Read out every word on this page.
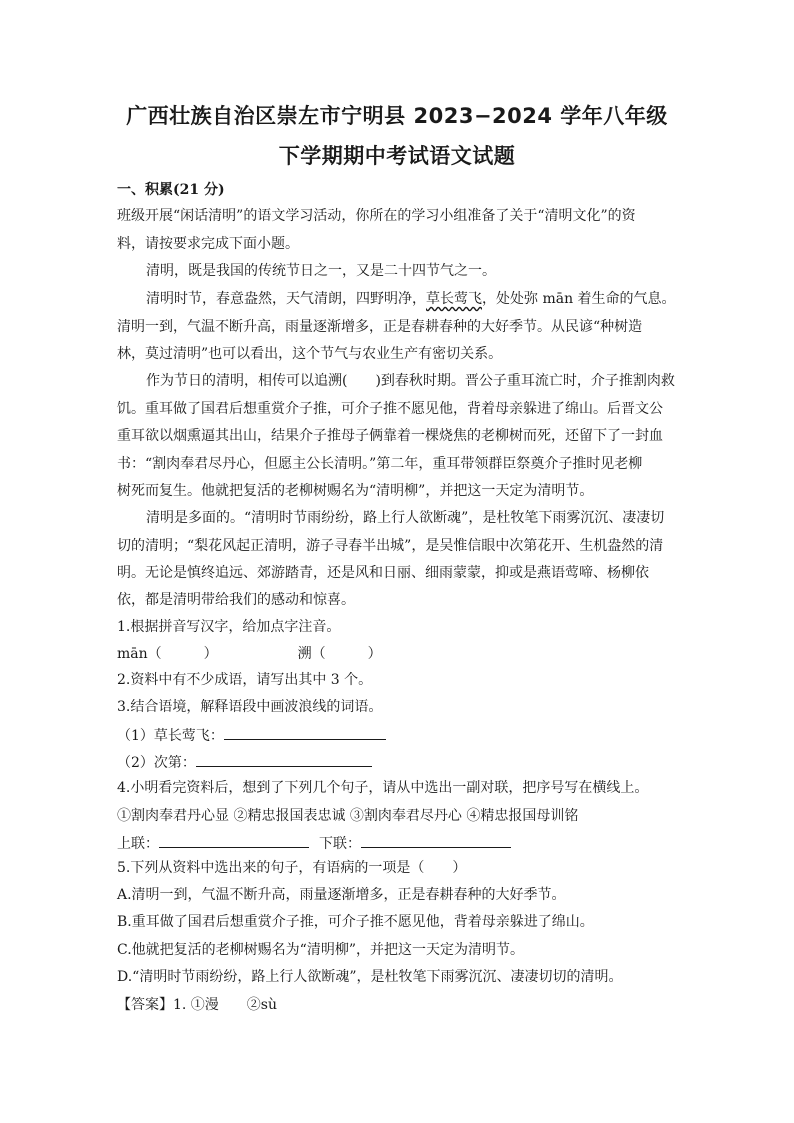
广西壮族自治区崇左市宁明县 2023−2024 学年八年级
下学期期中考试语文试题
一、积累(21 分)
班级开展“闲话清明”的语文学习活动，你所在的学习小组准备了关于“清明文化”的资
料，请按要求完成下面小题。
清明，既是我国的传统节日之一，又是二十四节气之一。
清明时节，春意盎然，天气清朗，四野明净，草长莺飞，处处弥 mān 着生命的气息。
清明一到，气温不断升高，雨量逐渐增多，正是春耕春种的大好季节。从民谚“种树造
林，莫过清明”也可以看出，这个节气与农业生产有密切关系。
作为节日的清明，相传可以追溯(　　)到春秋时期。晋公子重耳流亡时，介子推割肉救
饥。重耳做了国君后想重赏介子推，可介子推不愿见他，背着母亲躲进了绵山。后晋文公
重耳欲以烟熏逼其出山，结果介子推母子俩靠着一棵烧焦的老柳树而死，还留下了一封血
书：“割肉奉君尽丹心，但愿主公长清明。”第二年，重耳带领群臣祭奠介子推时见老柳
树死而复生。他就把复活的老柳树赐名为“清明柳”，并把这一天定为清明节。
清明是多面的。“清明时节雨纷纷，路上行人欲断魂”，是杜牧笔下雨雾沉沉、凄凄切
切的清明；“梨花风起正清明，游子寻春半出城”，是吴惟信眼中次第花开、生机盎然的清
明。无论是慎终追远、郊游踏青，还是风和日丽、细雨蒙蒙，抑或是燕语莺啼、杨柳依
依，都是清明带给我们的感动和惊喜。
1.根据拼音写汉字，给加点字注音。
mān（　　　）	溯（　　　）
2.资料中有不少成语，请写出其中 3 个。
3.结合语境，解释语段中画波浪线的词语。
（1）草长莺飞：
（2）次第：
4.小明看完资料后，想到了下列几个句子，请从中选出一副对联，把序号写在横线上。
①割肉奉君丹心显 ②精忠报国表忠诚 ③割肉奉君尽丹心 ④精忠报国母训铭
上联：	下联：
5.下列从资料中选出来的句子，有语病的一项是（　　）
A.清明一到，气温不断升高，雨量逐渐增多，正是春耕春种的大好季节。
B.重耳做了国君后想重赏介子推，可介子推不愿见他，背着母亲躲进了绵山。
C.他就把复活的老柳树赐名为“清明柳”，并把这一天定为清明节。
D.“清明时节雨纷纷，路上行人欲断魂”，是杜牧笔下雨雾沉沉、凄凄切切的清明。
【答案】1. ①漫　　②sù
